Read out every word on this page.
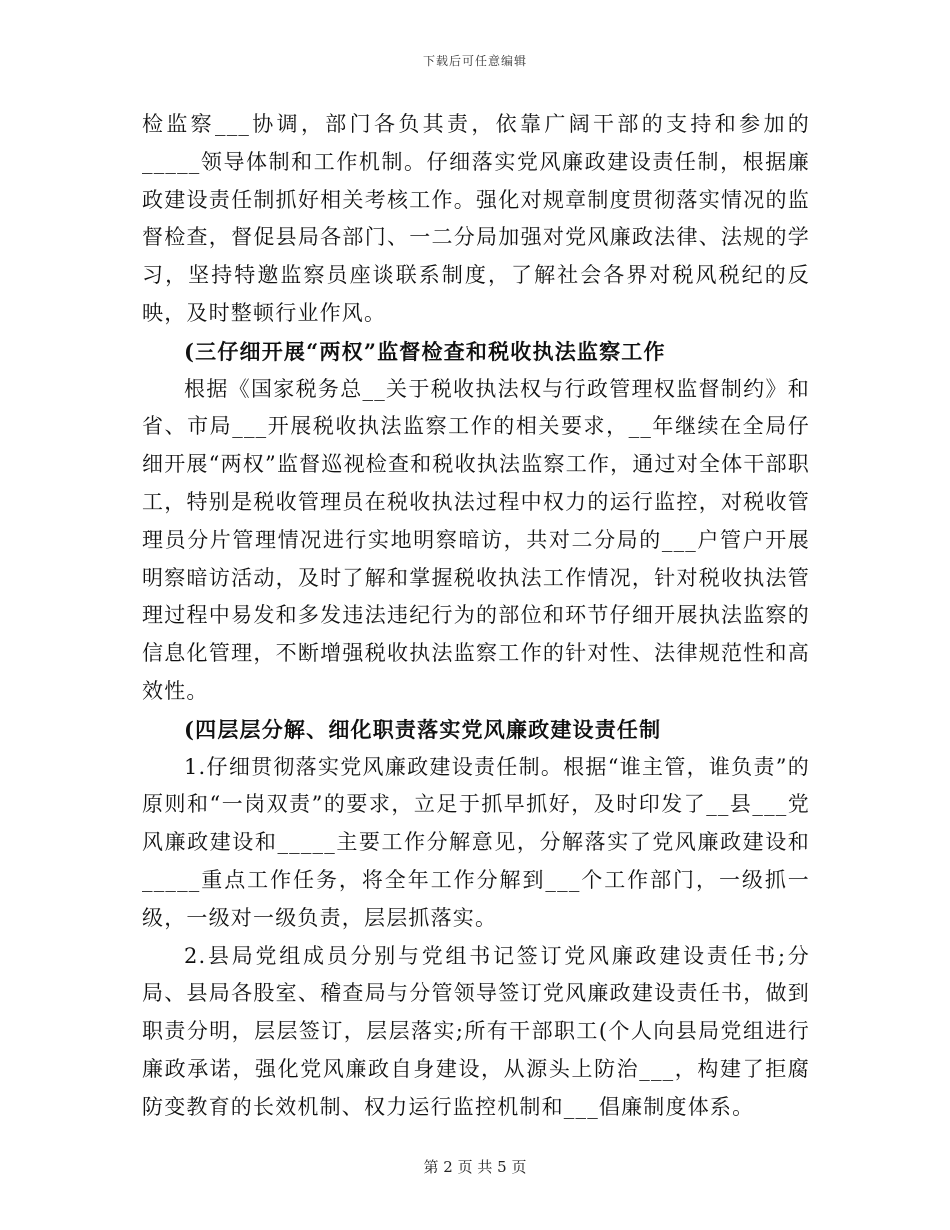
下载后可任意编辑

检监察___协调，部门各负其责，依靠广阔干部的支持和参加的_____领导体制和工作机制。仔细落实党风廉政建设责任制，根据廉政建设责任制抓好相关考核工作。强化对规章制度贯彻落实情况的监督检查，督促县局各部门、一二分局加强对党风廉政法律、法规的学习，坚持特邀监察员座谈联系制度，了解社会各界对税风税纪的反映，及时整顿行业作风。

(三仔细开展“两权”监督检查和税收执法监察工作

根据《国家税务总__关于税收执法权与行政管理权监督制约》和省、市局___开展税收执法监察工作的相关要求，__年继续在全局仔细开展“两权”监督巡视检查和税收执法监察工作，通过对全体干部职工，特别是税收管理员在税收执法过程中权力的运行监控，对税收管理员分片管理情况进行实地明察暗访，共对二分局的___户管户开展明察暗访活动，及时了解和掌握税收执法工作情况，针对税收执法管理过程中易发和多发违法违纪行为的部位和环节仔细开展执法监察的信息化管理，不断增强税收执法监察工作的针对性、法律规范性和高效性。

(四层层分解、细化职责落实党风廉政建设责任制

1.仔细贯彻落实党风廉政建设责任制。根据“谁主管，谁负责”的原则和“一岗双责”的要求，立足于抓早抓好，及时印发了__县___党风廉政建设和_____主要工作分解意见，分解落实了党风廉政建设和_____重点工作任务，将全年工作分解到___个工作部门，一级抓一级，一级对一级负责，层层抓落实。

2.县局党组成员分别与党组书记签订党风廉政建设责任书;分局、县局各股室、稽查局与分管领导签订党风廉政建设责任书，做到职责分明，层层签订，层层落实;所有干部职工(个人向县局党组进行廉政承诺，强化党风廉政自身建设，从源头上防治___，构建了拒腐防变教育的长效机制、权力运行监控机制和___倡廉制度体系。

第 2 页 共 5 页
